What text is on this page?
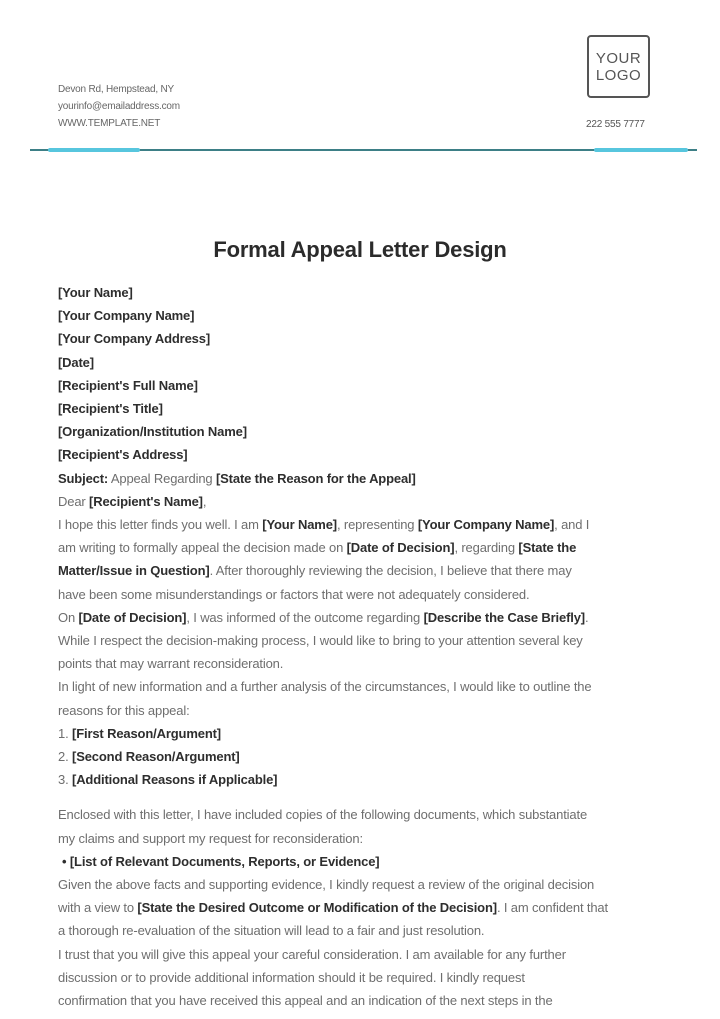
Devon Rd, Hempstead, NY
yourinfo@emailaddress.com
WWW.TEMPLATE.NET
YOUR
LOGO
222 555 7777
Formal Appeal Letter Design
[Your Name]
[Your Company Name]
[Your Company Address]
[Date]
[Recipient's Full Name]
[Recipient's Title]
[Organization/Institution Name]
[Recipient's Address]
Subject: Appeal Regarding [State the Reason for the Appeal]
Dear [Recipient's Name],
I hope this letter finds you well. I am [Your Name], representing [Your Company Name], and I
am writing to formally appeal the decision made on [Date of Decision], regarding [State the
Matter/Issue in Question]. After thoroughly reviewing the decision, I believe that there may
have been some misunderstandings or factors that were not adequately considered.
On [Date of Decision], I was informed of the outcome regarding [Describe the Case Briefly].
While I respect the decision-making process, I would like to bring to your attention several key
points that may warrant reconsideration.
In light of new information and a further analysis of the circumstances, I would like to outline the
reasons for this appeal:
1. [First Reason/Argument]
2. [Second Reason/Argument]
3. [Additional Reasons if Applicable]
Enclosed with this letter, I have included copies of the following documents, which substantiate
my claims and support my request for reconsideration:
• [List of Relevant Documents, Reports, or Evidence]
Given the above facts and supporting evidence, I kindly request a review of the original decision
with a view to [State the Desired Outcome or Modification of the Decision]. I am confident that
a thorough re-evaluation of the situation will lead to a fair and just resolution.
I trust that you will give this appeal your careful consideration. I am available for any further
discussion or to provide additional information should it be required. I kindly request
confirmation that you have received this appeal and an indication of the next steps in the
